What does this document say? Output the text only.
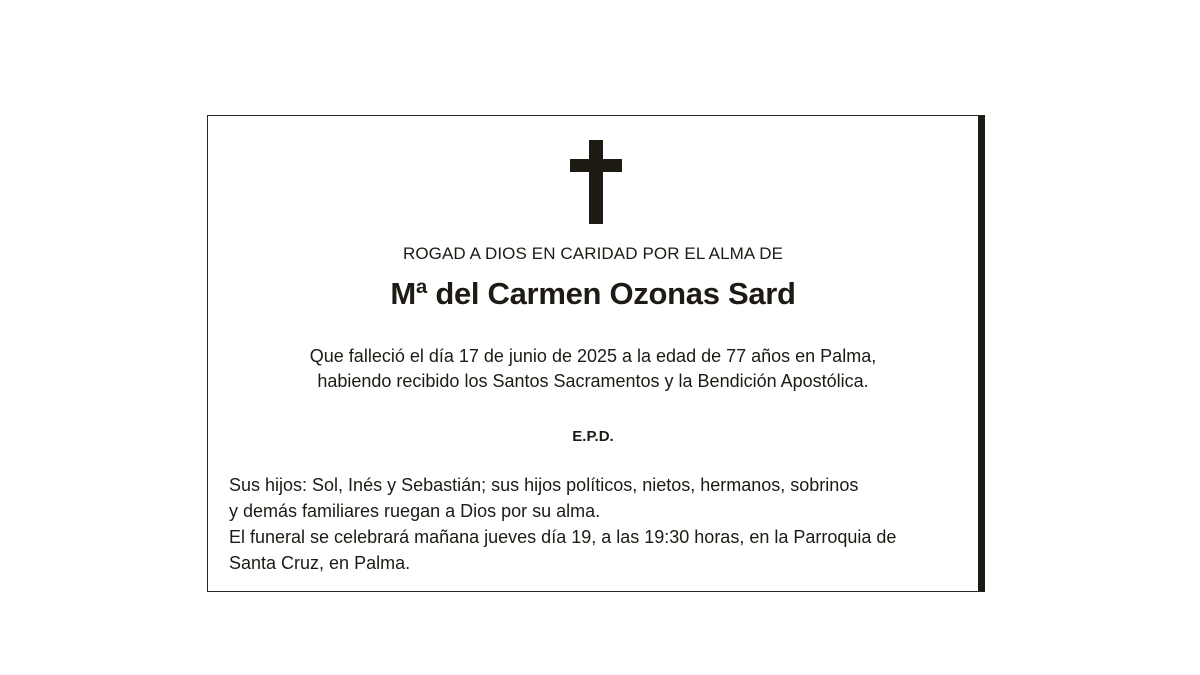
ROGAD A DIOS EN CARIDAD POR EL ALMA DE
Mª del Carmen Ozonas Sard
Que falleció el día 17 de junio de 2025 a la edad de 77 años en Palma,
habiendo recibido los Santos Sacramentos y la Bendición Apostólica.
E.P.D.
Sus hijos: Sol, Inés y Sebastián; sus hijos políticos, nietos, hermanos, sobrinos
y demás familiares ruegan a Dios por su alma.
El funeral se celebrará mañana jueves día 19, a las 19:30 horas, en la Parroquia de
Santa Cruz, en Palma.
